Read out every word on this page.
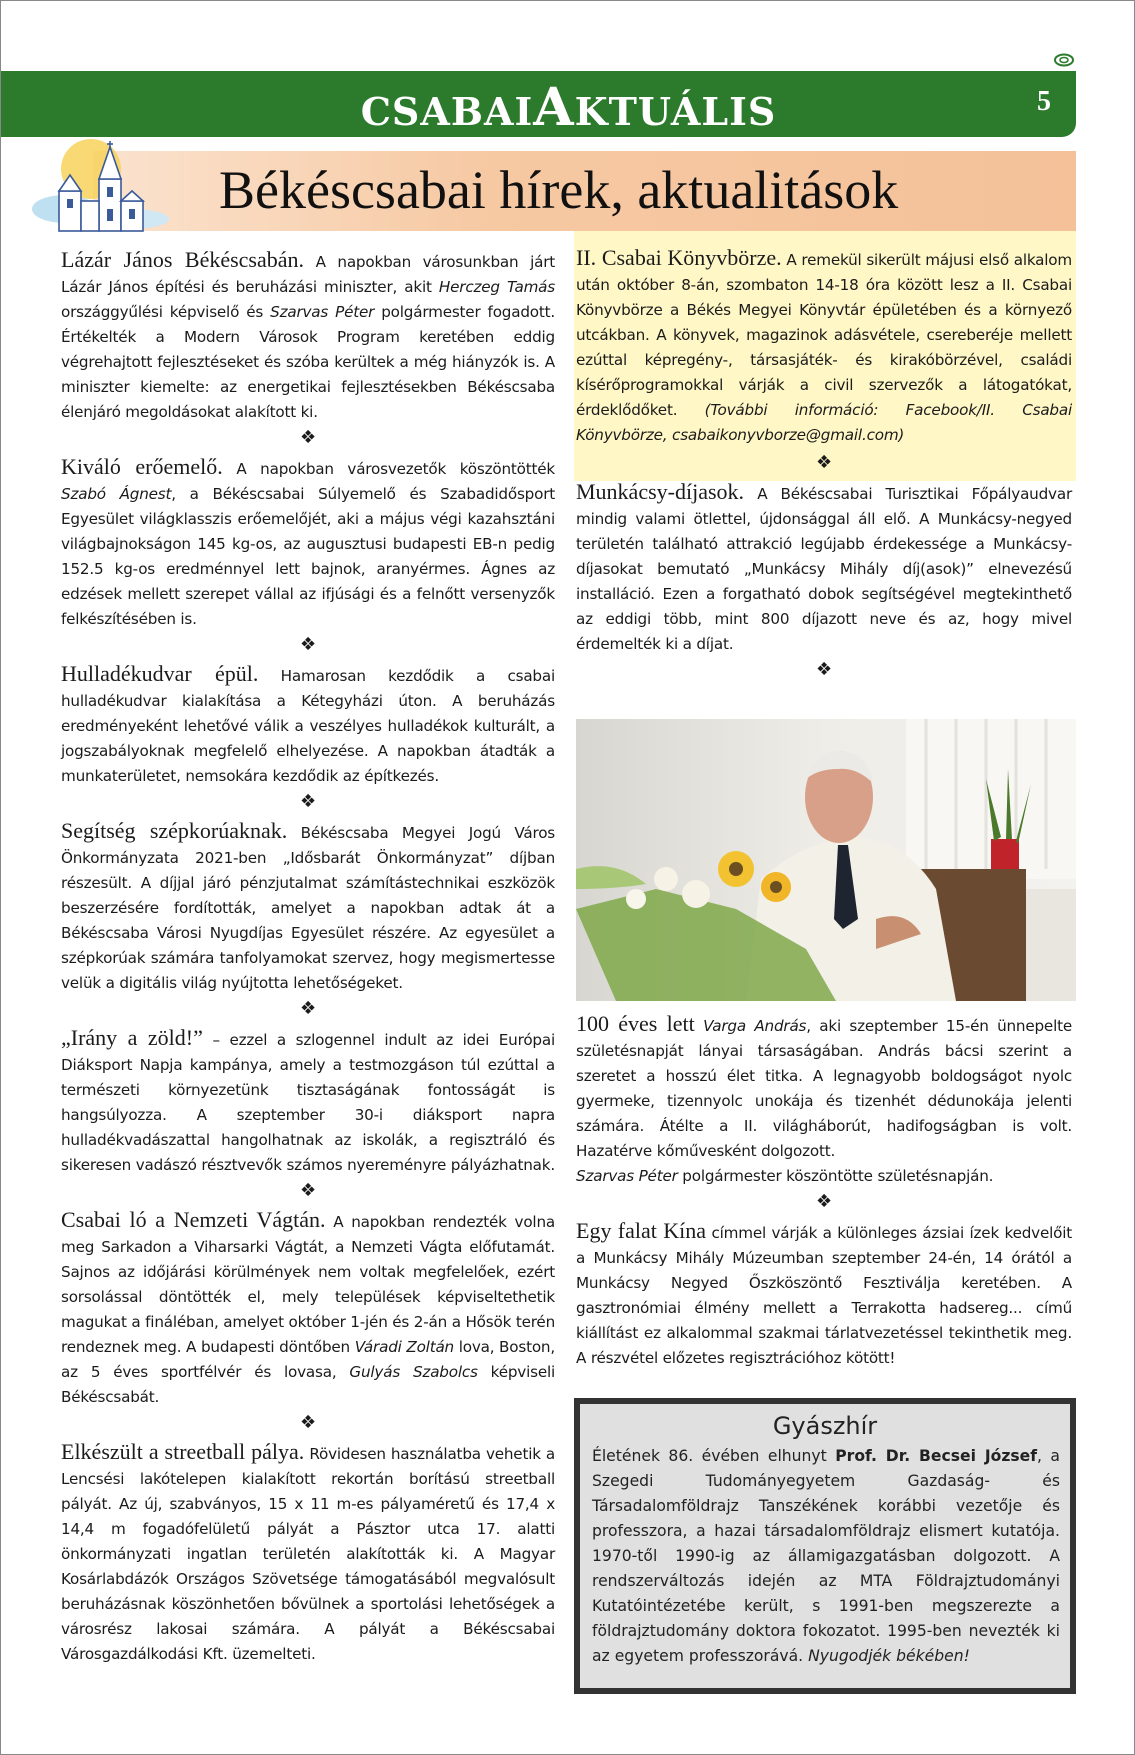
CSABAIAKTUÁLIS	5
Békéscsabai hírek, aktualitások

Lázár János Békéscsabán. A napokban városunkban járt Lázár János építési és beruházási miniszter, akit Herczeg Tamás országgyűlési képviselő és Szarvas Péter polgármester fogadott. Értékelték a Modern Városok Program keretében eddig végrehajtott fejlesztéseket és szóba kerültek a még hiányzók is. A miniszter kiemelte: az energetikai fejlesztésekben Békéscsaba élenjáró megoldásokat alakított ki.

❖

Kiváló erőemelő. A napokban városvezetők köszöntötték Szabó Ágnest, a Békéscsabai Súlyemelő és Szabadidősport Egyesület világklasszis erőemelőjét, aki a május végi kazahsztáni világbajnokságon 145 kg-os, az augusztusi budapesti EB-n pedig 152.5 kg-os eredménnyel lett bajnok, aranyérmes. Ágnes az edzések mellett szerepet vállal az ifjúsági és a felnőtt versenyzők felkészítésében is.

❖

Hulladékudvar épül. Hamarosan kezdődik a csabai hulladékudvar kialakítása a Kétegyházi úton. A beruházás eredményeként lehetővé válik a veszélyes hulladékok kulturált, a jogszabályoknak megfelelő elhelyezése. A napokban átadták a munkaterületet, nemsokára kezdődik az építkezés.

❖

Segítség szépkorúaknak. Békéscsaba Megyei Jogú Város Önkormányzata 2021-ben „Idősbarát Önkormányzat” díjban részesült. A díjjal járó pénzjutalmat számítástechnikai eszközök beszerzésére fordították, amelyet a napokban adtak át a Békéscsaba Városi Nyugdíjas Egyesület részére. Az egyesület a szépkorúak számára tanfolyamokat szervez, hogy megismertesse velük a digitális világ nyújtotta lehetőségeket.

❖

„Irány a zöld!” – ezzel a szlogennel indult az idei Európai Diáksport Napja kampánya, amely a testmozgáson túl ezúttal a természeti környezetünk tisztaságának fontosságát is hangsúlyozza. A szeptember 30-i diáksport napra hulladékvadászattal hangolhatnak az iskolák, a regisztráló és sikeresen vadászó résztvevők számos nyereményre pályázhatnak.

❖

Csabai ló a Nemzeti Vágtán. A napokban rendezték volna meg Sarkadon a Viharsarki Vágtát, a Nemzeti Vágta előfutamát. Sajnos az időjárási körülmények nem voltak megfelelőek, ezért sorsolással döntötték el, mely települések képviseltethetik magukat a fináléban, amelyet október 1-jén és 2-án a Hősök terén rendeznek meg. A budapesti döntőben Váradi Zoltán lova, Boston, az 5 éves sportfélvér és lovasa, Gulyás Szabolcs képviseli Békéscsabát.

❖

Elkészült a streetball pálya. Rövidesen használatba vehetik a Lencsési lakótelepen kialakított rekortán borítású streetball pályát. Az új, szabványos, 15 x 11 m-es pályaméretű és 17,4 x 14,4 m fogadófelületű pályát a Pásztor utca 17. alatti önkormányzati ingatlan területén alakították ki. A Magyar Kosárlabdázók Országos Szövetsége támogatásából megvalósult beruházásnak köszönhetően bővülnek a sportolási lehetőségek a városrész lakosai számára. A pályát a Békéscsabai Városgazdálkodási Kft. üzemelteti.

II. Csabai Könyvbörze. A remekül sikerült májusi első alkalom után október 8-án, szombaton 14-18 óra között lesz a II. Csabai Könyvbörze a Békés Megyei Könyvtár épületében és a környező utcákban. A könyvek, magazinok adásvétele, csereberéje mellett ezúttal képregény-, társasjáték- és kirakóbörzével, családi kísérőprogramokkal várják a civil szervezők a látogatókat, érdeklődőket. (További információ: Facebook/II. Csabai Könyvbörze, csabaikonyvborze@gmail.com)

❖

Munkácsy-díjasok. A Békéscsabai Turisztikai Főpályaudvar mindig valami ötlettel, újdonsággal áll elő. A Munkácsy-negyed területén található attrakció legújabb érdekessége a Munkácsy-díjasokat bemutató „Munkácsy Mihály díj(asok)” elnevezésű installáció. Ezen a forgatható dobok segítségével megtekinthető az eddigi több, mint 800 díjazott neve és az, hogy mivel érdemelték ki a díjat.

❖

100 éves lett Varga András, aki szeptember 15-én ünnepelte születésnapját lányai társaságában. András bácsi szerint a szeretet a hosszú élet titka. A legnagyobb boldogságot nyolc gyermeke, tizennyolc unokája és tizenhét dédunokája jelenti számára. Átélte a II. világháborút, hadifogságban is volt. Hazatérve kőművesként dolgozott.
Szarvas Péter polgármester köszöntötte születésnapján.

❖

Egy falat Kína címmel várják a különleges ázsiai ízek kedvelőit a Munkácsy Mihály Múzeumban szeptember 24-én, 14 órától a Munkácsy Negyed Őszköszöntő Fesztiválja keretében. A gasztronómiai élmény mellett a Terrakotta hadsereg... című kiállítást ez alkalommal szakmai tárlatvezetéssel tekinthetik meg. A részvétel előzetes regisztrációhoz kötött!

Gyászhír
Életének 86. évében elhunyt Prof. Dr. Becsei József, a Szegedi Tudományegyetem Gazdaság- és Társadalomföldrajz Tanszékének korábbi vezetője és professzora, a hazai társadalomföldrajz elismert kutatója. 1970-től 1990-ig az államigazgatásban dolgozott. A rendszerváltozás idején az MTA Földrajztudományi Kutatóintézetébe került, s 1991-ben megszerezte a földrajztudomány doktora fokozatot. 1995-ben nevezték ki az egyetem professzorává. Nyugodjék békében!
